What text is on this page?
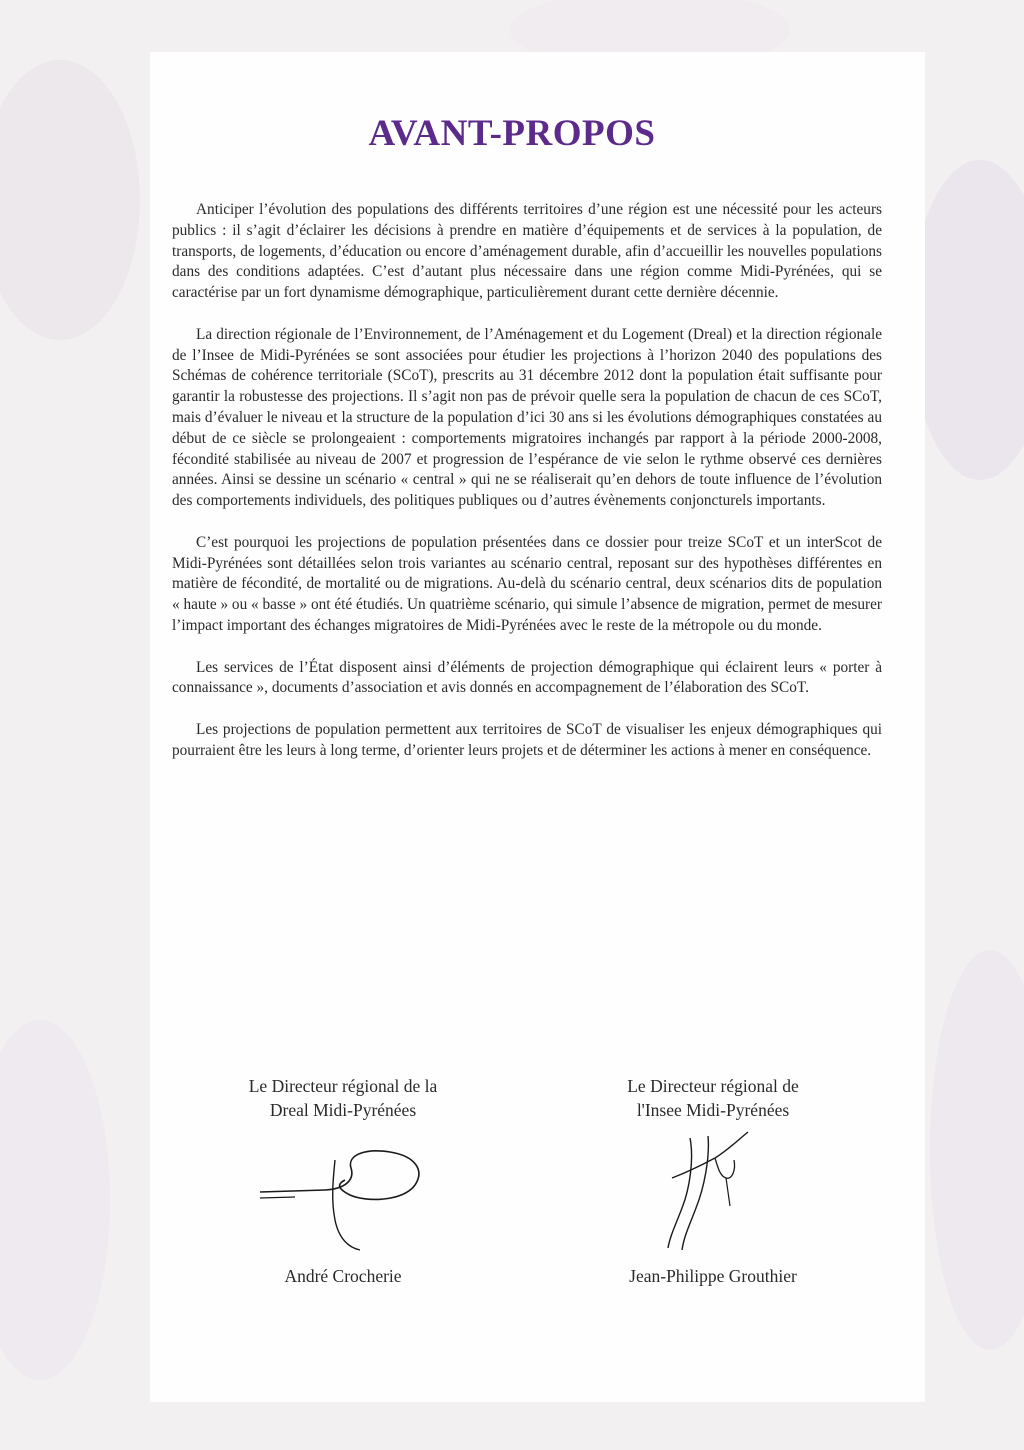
AVANT-PROPOS

Anticiper l’évolution des populations des différents territoires d’une région est une nécessité pour les acteurs publics : il s’agit d’éclairer les décisions à prendre en matière d’équipements et de services à la population, de transports, de logements, d’éducation ou encore d’aménagement durable, afin d’accueillir les nouvelles populations dans des conditions adaptées. C’est d’autant plus nécessaire dans une région comme Midi-Pyrénées, qui se caractérise par un fort dynamisme démographique, particulièrement durant cette dernière décennie.

La direction régionale de l’Environnement, de l’Aménagement et du Logement (Dreal) et la direction régionale de l’Insee de Midi-Pyrénées se sont associées pour étudier les projections à l’horizon 2040 des populations des Schémas de cohérence territoriale (SCoT), prescrits au 31 décembre 2012 dont la population était suffisante pour garantir la robustesse des projections. Il s’agit non pas de prévoir quelle sera la population de chacun de ces SCoT, mais d’évaluer le niveau et la structure de la population d’ici 30 ans si les évolutions démographiques constatées au début de ce siècle se prolongeaient : comportements migratoires inchangés par rapport à la période 2000-2008, fécondité stabilisée au niveau de 2007 et progression de l’espérance de vie selon le rythme observé ces dernières années. Ainsi se dessine un scénario « central » qui ne se réaliserait qu’en dehors de toute influence de l’évolution des comportements individuels, des politiques publiques ou d’autres évènements conjoncturels importants.

C’est pourquoi les projections de population présentées dans ce dossier pour treize SCoT et un interScot de Midi-Pyrénées sont détaillées selon trois variantes au scénario central, reposant sur des hypothèses différentes en matière de fécondité, de mortalité ou de migrations. Au-delà du scénario central, deux scénarios dits de population « haute » ou « basse » ont été étudiés. Un quatrième scénario, qui simule l’absence de migration, permet de mesurer l’impact important des échanges migratoires de Midi-Pyrénées avec le reste de la métropole ou du monde.

Les services de l’État disposent ainsi d’éléments de projection démographique qui éclairent leurs « porter à connaissance », documents d’association et avis donnés en accompagnement de l’élaboration des SCoT.

Les projections de population permettent aux territoires de SCoT de visualiser les enjeux démographiques qui pourraient être les leurs à long terme, d’orienter leurs projets et de déterminer les actions à mener en conséquence.

Le Directeur régional de la
Dreal Midi-Pyrénées
Le Directeur régional de
l'Insee Midi-Pyrénées
André Crocherie	Jean-Philippe Grouthier
